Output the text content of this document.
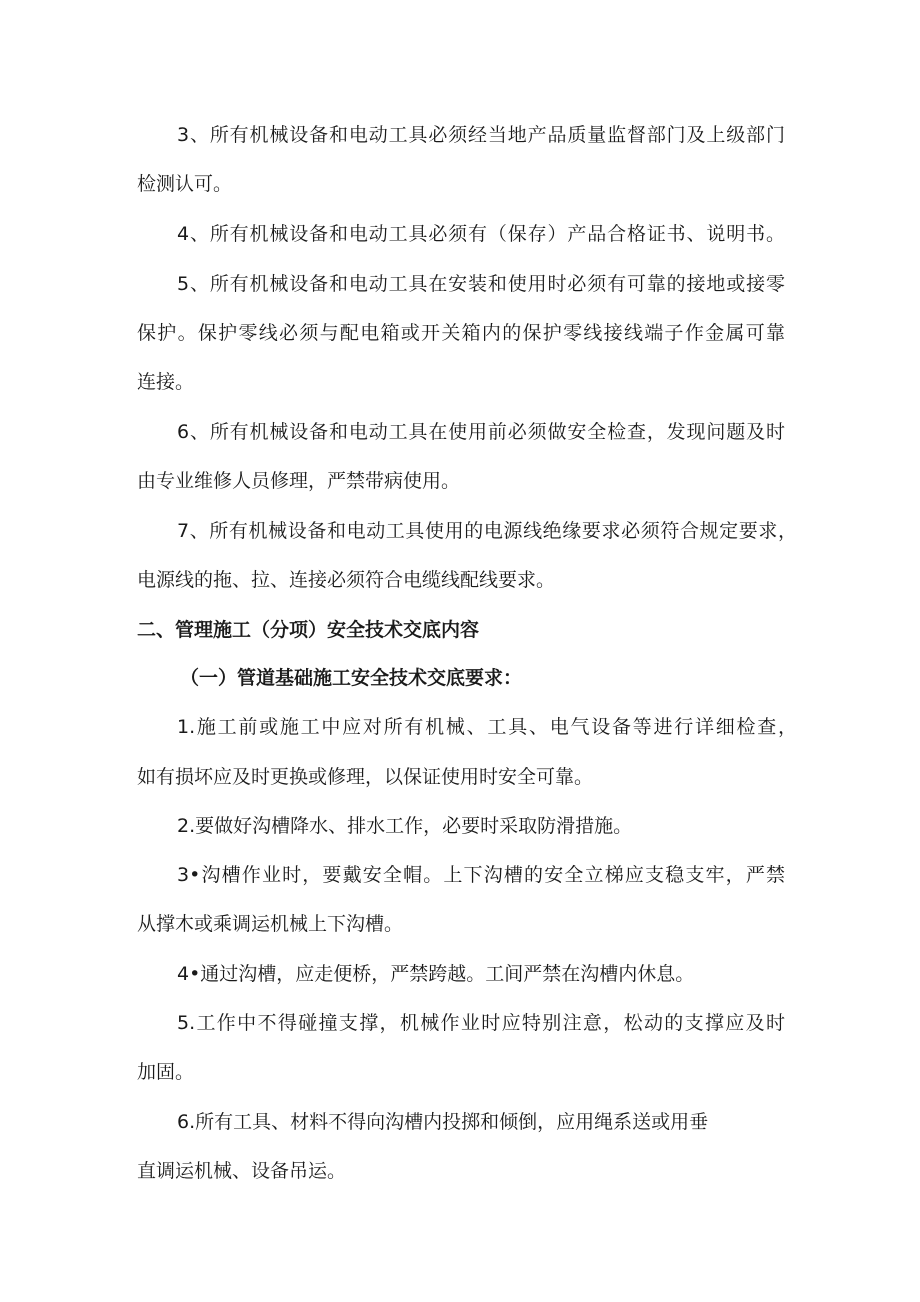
3、所有机械设备和电动工具必须经当地产品质量监督部门及上级部门
检测认可。
4、所有机械设备和电动工具必须有（保存）产品合格证书、说明书。
5、所有机械设备和电动工具在安装和使用时必须有可靠的接地或接零
保护。保护零线必须与配电箱或开关箱内的保护零线接线端子作金属可靠
连接。
6、所有机械设备和电动工具在使用前必须做安全检查，发现问题及时
由专业维修人员修理，严禁带病使用。
7、所有机械设备和电动工具使用的电源线绝缘要求必须符合规定要求，
电源线的拖、拉、连接必须符合电缆线配线要求。
二、管理施工（分项）安全技术交底内容
（一）管道基础施工安全技术交底要求：
1.施工前或施工中应对所有机械、工具、电气设备等进行详细检查，
如有损坏应及时更换或修理，以保证使用时安全可靠。
2.要做好沟槽降水、排水工作，必要时采取防滑措施。
3•沟槽作业时，要戴安全帽。上下沟槽的安全立梯应支稳支牢，严禁
从撑木或乘调运机械上下沟槽。
4•通过沟槽，应走便桥，严禁跨越。工间严禁在沟槽内休息。
5.工作中不得碰撞支撑，机械作业时应特别注意，松动的支撑应及时
加固。
6.所有工具、材料不得向沟槽内投掷和倾倒，应用绳系送或用垂
直调运机械、设备吊运。
